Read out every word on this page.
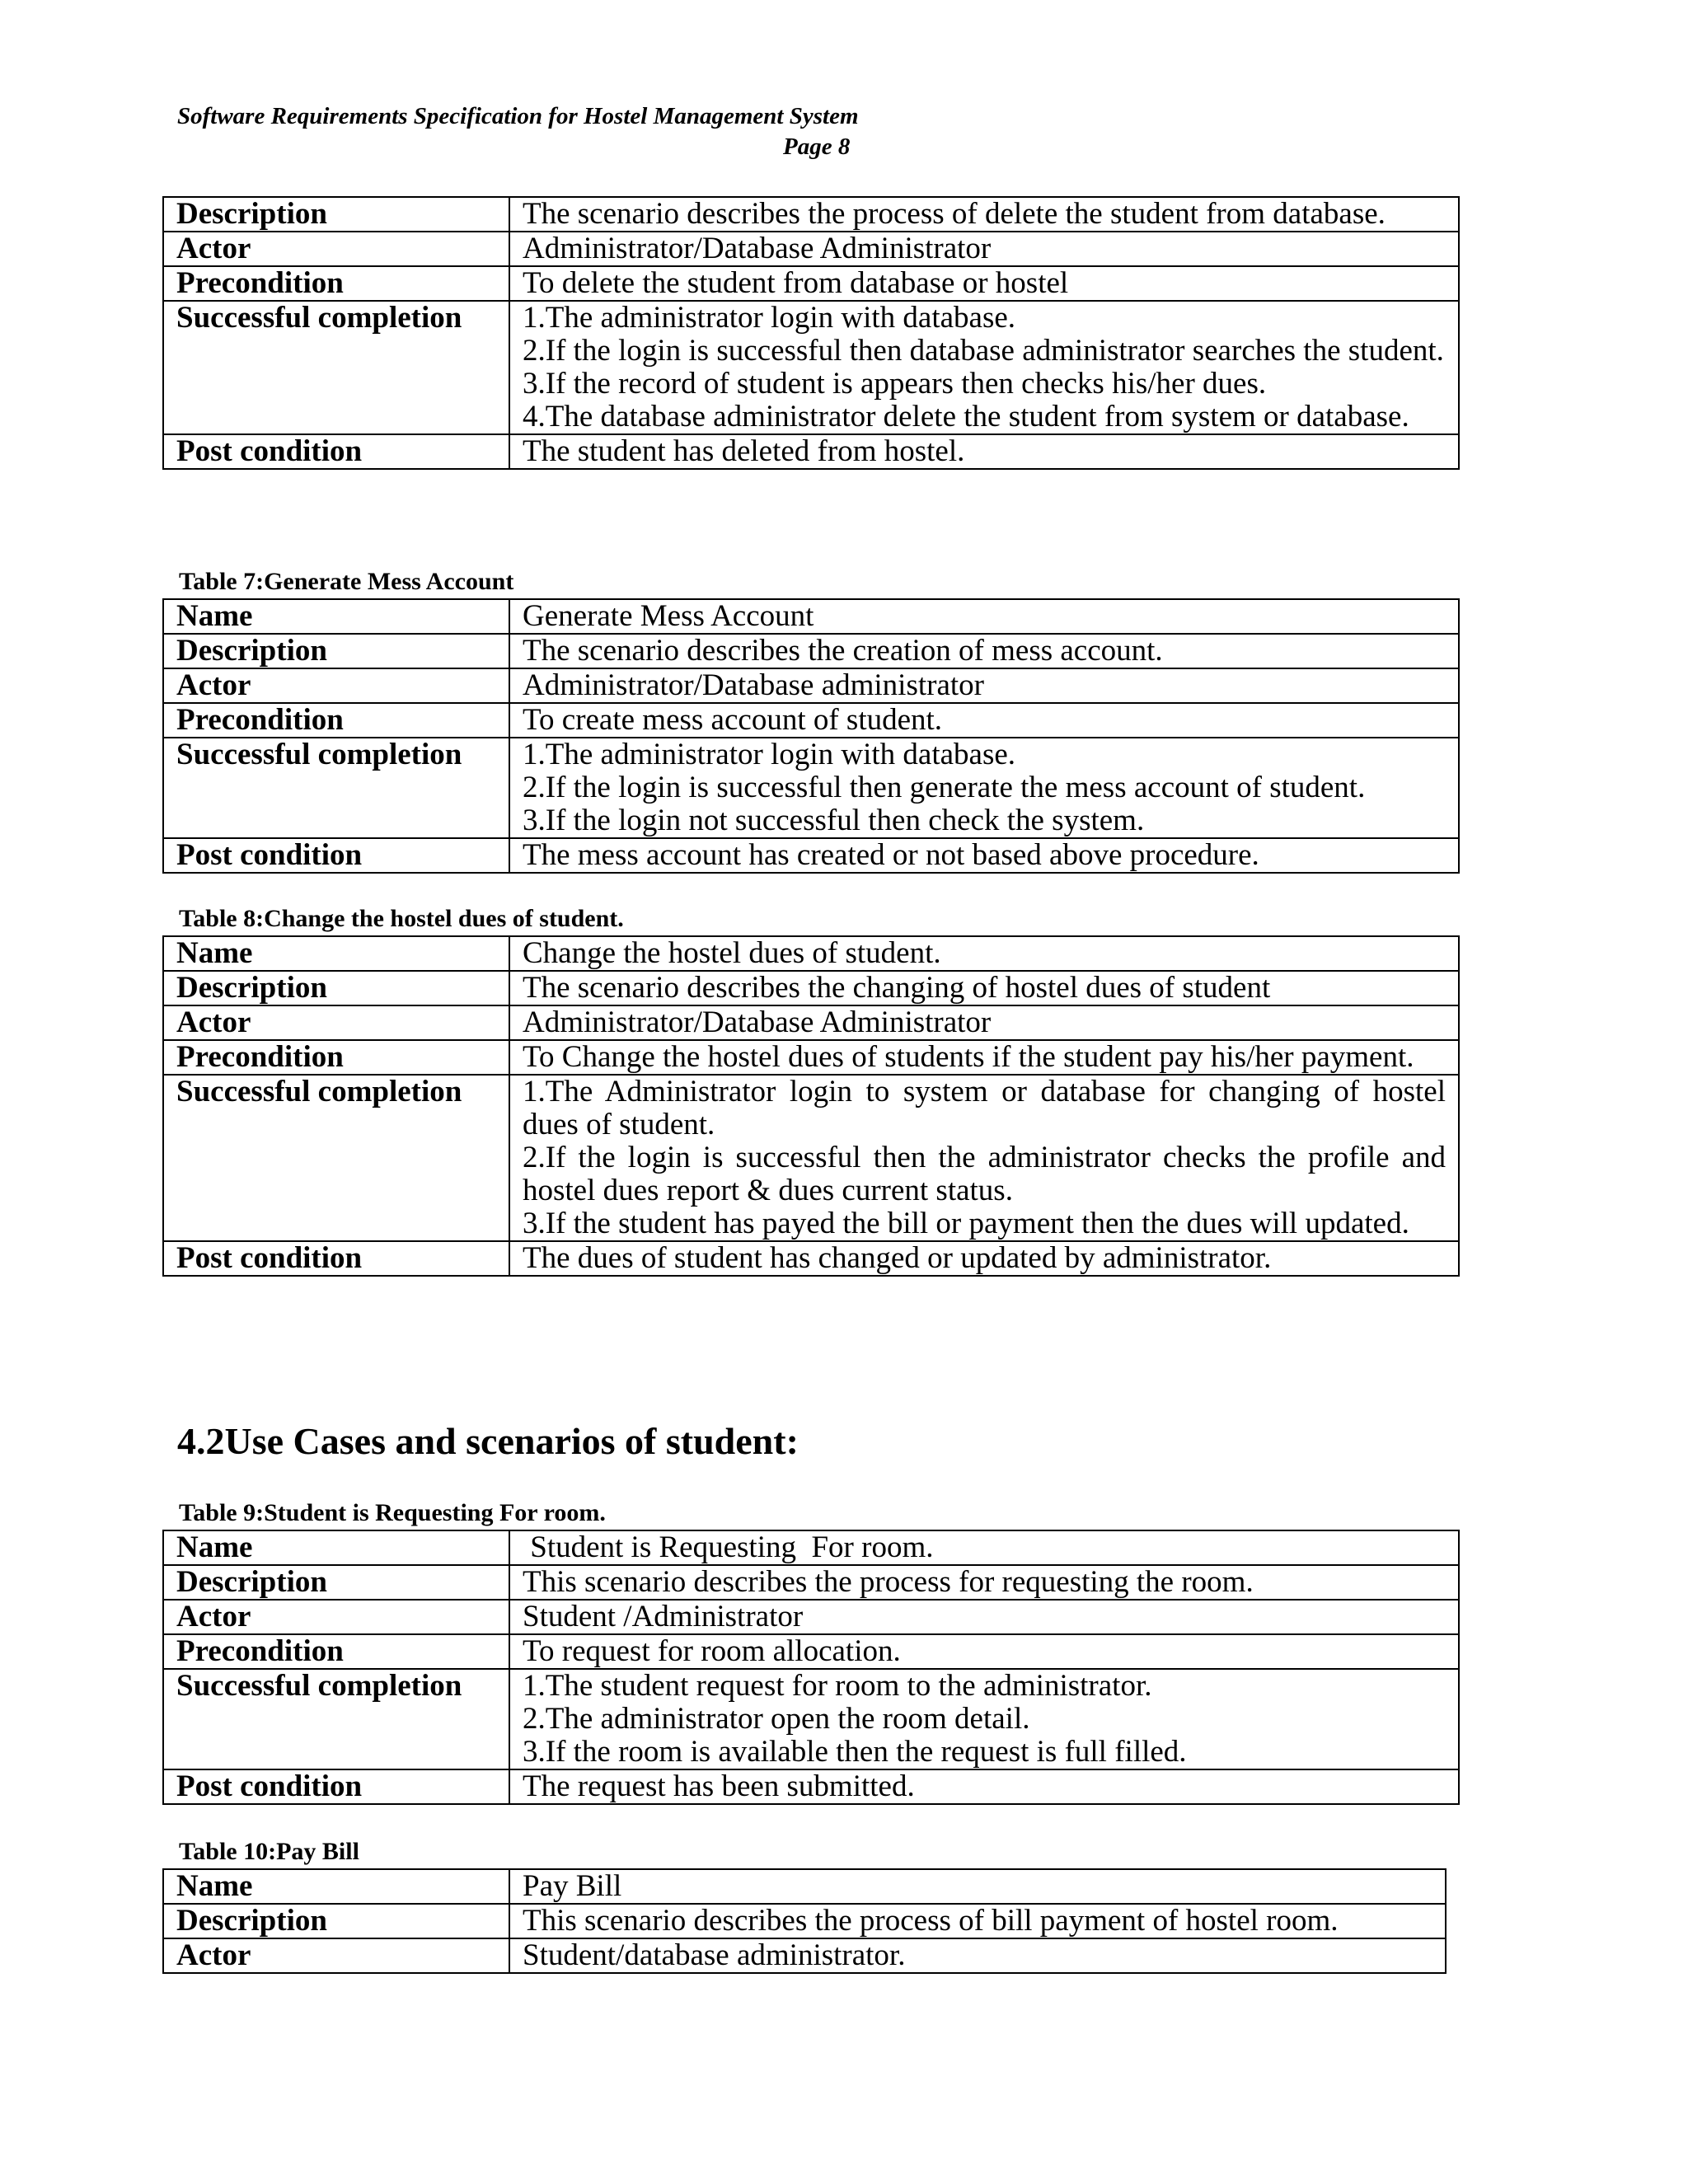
Software Requirements Specification for Hostel Management System
Page 8
Description	The scenario describes the process of delete the student from database.
Actor	Administrator/Database Administrator
Precondition	To delete the student from database or hostel
Successful completion	1.The administrator login with database.
2.If the login is successful then database administrator searches the student.
3.If the record of student is appears then checks his/her dues.
4.The database administrator delete the student from system or database.

Post condition	The student has deleted from hostel.
Table 7:Generate Mess Account
Name	Generate Mess Account
Description	The scenario describes the creation of mess account.
Actor	Administrator/Database administrator
Precondition	To create mess account of student.
Successful completion	1.The administrator login with database.
2.If the login is successful then generate the mess account of student.
3.If the login not successful then check the system.

Post condition	The mess account has created or not based above procedure.
Table 8:Change the hostel dues of student.
Name	Change the hostel dues of student.
Description	The scenario describes the changing of hostel dues of student
Actor	Administrator/Database Administrator
Precondition	To Change the hostel dues of students if the student pay his/her payment.
Successful completion	1.The Administrator login to system or database for changing of hostel dues of student.
2.If the login is successful then the administrator checks the profile and hostel dues report & dues current status.
3.If the student has payed the bill or payment then the dues will updated.

Post condition	The dues of student has changed or updated by administrator.
4.2Use Cases and scenarios of student:
Table 9:Student is Requesting For room.
Name	Student is Requesting  For room.
Description	This scenario describes the process for requesting the room.
Actor	Student /Administrator
Precondition	To request for room allocation.
Successful completion	1.The student request for room to the administrator.
2.The administrator open the room detail.
3.If the room is available then the request is full filled.

Post condition	The request has been submitted.
Table 10:Pay Bill
Name	Pay Bill
Description	This scenario describes the process of bill payment of hostel room.
Actor	Student/database administrator.
